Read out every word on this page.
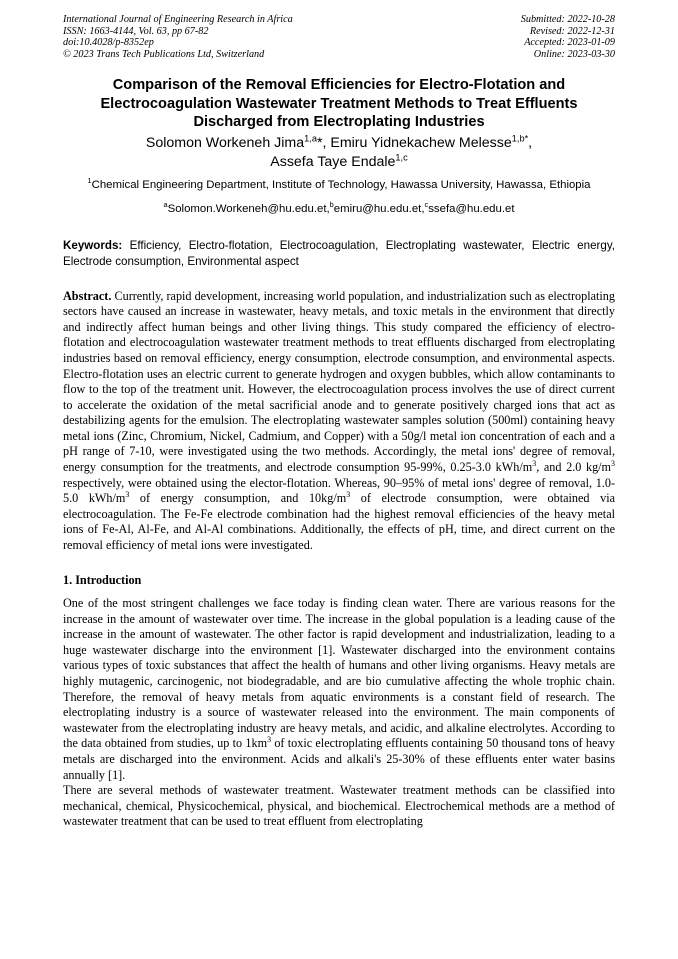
International Journal of Engineering Research in Africa
ISSN: 1663-4144, Vol. 63, pp 67-82
doi:10.4028/p-8352ep
© 2023 Trans Tech Publications Ltd, Switzerland
Submitted: 2022-10-28
Revised: 2022-12-31
Accepted: 2023-01-09
Online: 2023-03-30
Comparison of the Removal Efficiencies for Electro-Flotation and Electrocoagulation Wastewater Treatment Methods to Treat Effluents Discharged from Electroplating Industries
Solomon Workeneh Jima$^{1,a}$*, Emiru Yidnekachew Melesse$^{1,b*}$,
Assefa Taye Endale$^{1,c}$
$^1$Chemical Engineering Department, Institute of Technology, Hawassa University, Hawassa, Ethiopia
$^a$Solomon.Workeneh@hu.edu.et,$^b$emiru@hu.edu.et,$^c$ssefa@hu.edu.et
Keywords: Efficiency, Electro-flotation, Electrocoagulation, Electroplating wastewater, Electric energy, Electrode consumption, Environmental aspect
Abstract. Currently, rapid development, increasing world population, and industrialization such as electroplating sectors have caused an increase in wastewater, heavy metals, and toxic metals in the environment that directly and indirectly affect human beings and other living things. This study compared the efficiency of electro-flotation and electrocoagulation wastewater treatment methods to treat effluents discharged from electroplating industries based on removal efficiency, energy consumption, electrode consumption, and environmental aspects. Electro-flotation uses an electric current to generate hydrogen and oxygen bubbles, which allow contaminants to flow to the top of the treatment unit. However, the electrocoagulation process involves the use of direct current to accelerate the oxidation of the metal sacrificial anode and to generate positively charged ions that act as destabilizing agents for the emulsion. The electroplating wastewater samples solution (500ml) containing heavy metal ions (Zinc, Chromium, Nickel, Cadmium, and Copper) with a 50g/l metal ion concentration of each and a pH range of 7-10, were investigated using the two methods. Accordingly, the metal ions' degree of removal, energy consumption for the treatments, and electrode consumption 95-99%, 0.25-3.0 kWh/$m^3$, and 2.0 $kg/m^3$ respectively, were obtained using the elector-flotation. Whereas, 90–95% of metal ions' degree of removal, 1.0-5.0 kWh/$m^3$ of energy consumption, and $10kg/m^3$ of electrode consumption, were obtained via electrocoagulation. The Fe-Fe electrode combination had the highest removal efficiencies of the heavy metal ions of Fe-Al, Al-Fe, and Al-Al combinations. Additionally, the effects of pH, time, and direct current on the removal efficiency of metal ions were investigated.
1. Introduction
One of the most stringent challenges we face today is finding clean water. There are various reasons for the increase in the amount of wastewater over time. The increase in the global population is a leading cause of the increase in the amount of wastewater. The other factor is rapid development and industrialization, leading to a huge wastewater discharge into the environment [1]. Wastewater discharged into the environment contains various types of toxic substances that affect the health of humans and other living organisms. Heavy metals are highly mutagenic, carcinogenic, not biodegradable, and are bio cumulative affecting the whole trophic chain. Therefore, the removal of heavy metals from aquatic environments is a constant field of research. The electroplating industry is a source of wastewater released into the environment. The main components of wastewater from the electroplating industry are heavy metals, and acidic, and alkaline electrolytes. According to the data obtained from studies, up to $1km^3$ of toxic electroplating effluents containing 50 thousand tons of heavy metals are discharged into the environment. Acids and alkali's 25-30% of these effluents enter water basins annually [1].
There are several methods of wastewater treatment. Wastewater treatment methods can be classified into mechanical, chemical, Physicochemical, physical, and biochemical. Electrochemical methods are a method of wastewater treatment that can be used to treat effluent from electroplating
